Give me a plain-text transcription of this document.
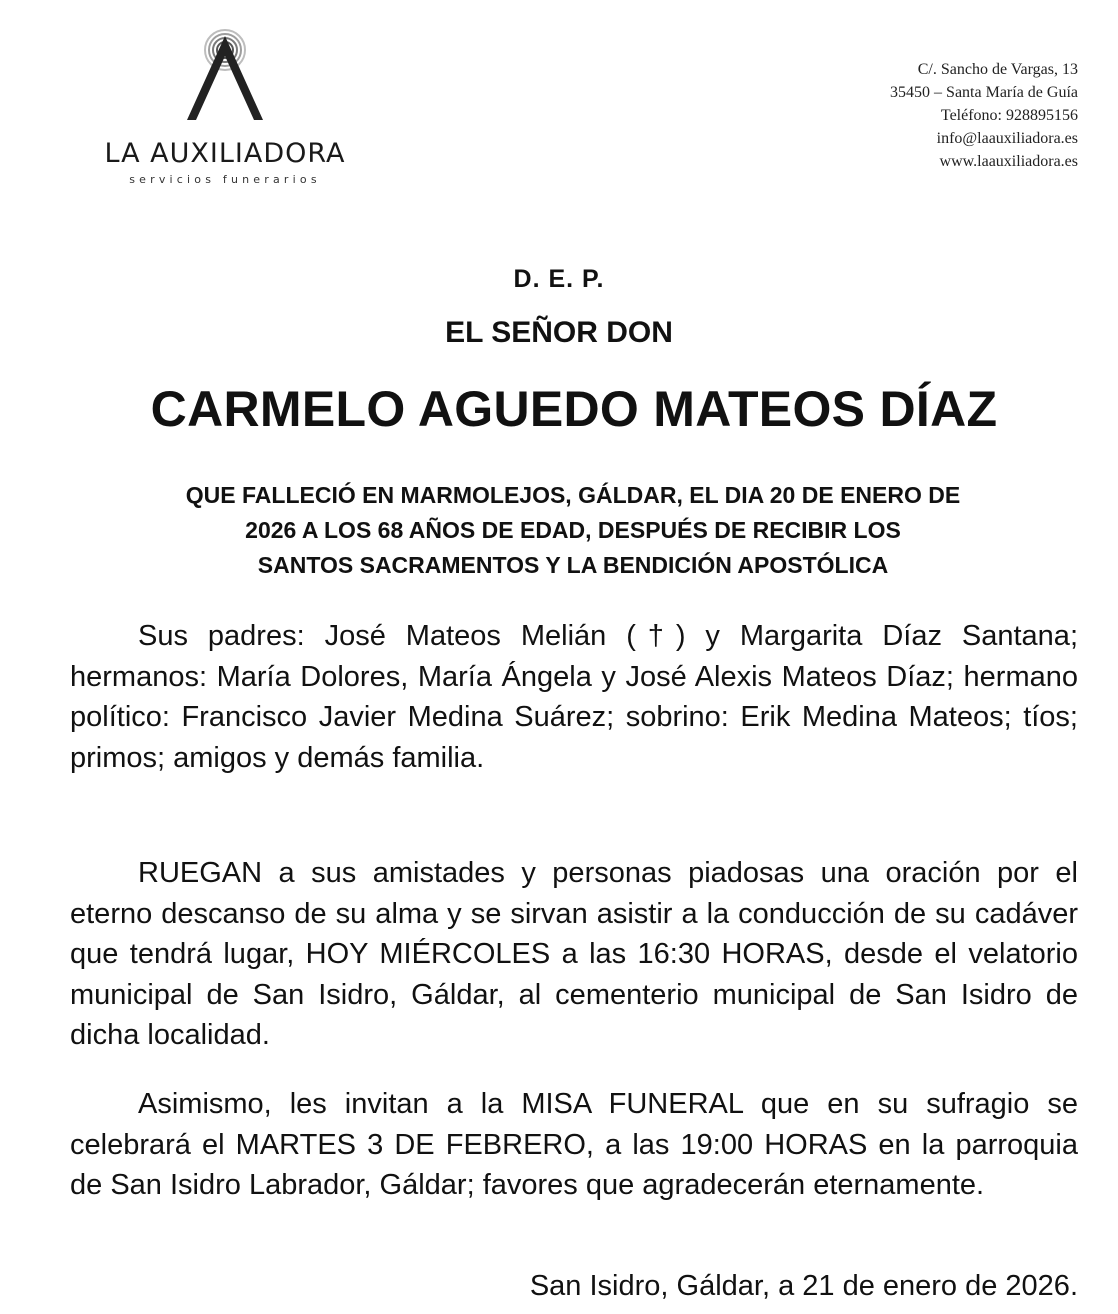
LA AUXILIADORA
servicios funerarios
C/. Sancho de Vargas, 13
35450 – Santa María de Guía
Teléfono: 928895156
info@laauxiliadora.es
www.laauxiliadora.es
D. E. P.
EL SEÑOR DON
CARMELO AGUEDO MATEOS DÍAZ
QUE FALLECIÓ EN MARMOLEJOS, GÁLDAR, EL DIA 20 DE ENERO DE
2026 A LOS 68 AÑOS DE EDAD, DESPUÉS DE RECIBIR LOS
SANTOS SACRAMENTOS Y LA BENDICIÓN APOSTÓLICA
Sus padres: José Mateos Melián (†) y Margarita Díaz Santana; hermanos: María Dolores, María Ángela y José Alexis Mateos Díaz; hermano político: Francisco Javier Medina Suárez; sobrino: Erik Medina Mateos; tíos; primos; amigos y demás familia.
RUEGAN a sus amistades y personas piadosas una oración por el eterno descanso de su alma y se sirvan asistir a la conducción de su cadáver que tendrá lugar, HOY MIÉRCOLES a las 16:30 HORAS, desde el velatorio municipal de San Isidro, Gáldar, al cementerio municipal de San Isidro de dicha localidad.
Asimismo, les invitan a la MISA FUNERAL que en su sufragio se celebrará el MARTES 3 DE FEBRERO, a las 19:00 HORAS en la parroquia de San Isidro Labrador, Gáldar; favores que agradecerán eternamente.
San Isidro, Gáldar, a 21 de enero de 2026.
